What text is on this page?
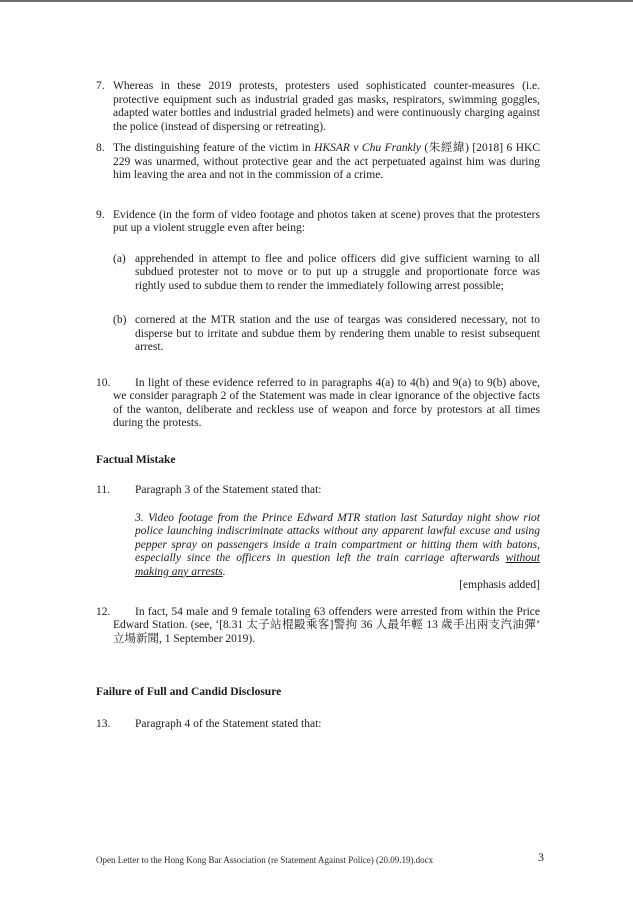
7. Whereas in these 2019 protests, protesters used sophisticated counter-measures (i.e. protective equipment such as industrial graded gas masks, respirators, swimming goggles, adapted water bottles and industrial graded helmets) and were continuously charging against the police (instead of dispersing or retreating).

8. The distinguishing feature of the victim in HKSAR v Chu Frankly (朱經緯) [2018] 6 HKC 229 was unarmed, without protective gear and the act perpetuated against him was during him leaving the area and not in the commission of a crime.

9. Evidence (in the form of video footage and photos taken at scene) proves that the protesters put up a violent struggle even after being:

(a) apprehended in attempt to flee and police officers did give sufficient warning to all subdued protester not to move or to put up a struggle and proportionate force was rightly used to subdue them to render the immediately following arrest possible;

(b) cornered at the MTR station and the use of teargas was considered necessary, not to disperse but to irritate and subdue them by rendering them unable to resist subsequent arrest.

10. In light of these evidence referred to in paragraphs 4(a) to 4(h) and 9(a) to 9(b) above, we consider paragraph 2 of the Statement was made in clear ignorance of the objective facts of the wanton, deliberate and reckless use of weapon and force by protestors at all times during the protests.

Factual Mistake

11. Paragraph 3 of the Statement stated that:

3. Video footage from the Prince Edward MTR station last Saturday night show riot police launching indiscriminate attacks without any apparent lawful excuse and using pepper spray on passengers inside a train compartment or hitting them with batons, especially since the officers in question left the train carriage afterwards without making any arrests.

[emphasis added]

12. In fact, 54 male and 9 female totaling 63 offenders were arrested from within the Price Edward Station. (see, ‘[8.31 太子站棍毆乘客]警拘 36 人最年輕 13 歲手出兩支汽油彈’ 立場新聞, 1 September 2019).

Failure of Full and Candid Disclosure

13. Paragraph 4 of the Statement stated that:

Open Letter to the Hong Kong Bar Association (re Statement Against Police) (20.09.19).docx	3
